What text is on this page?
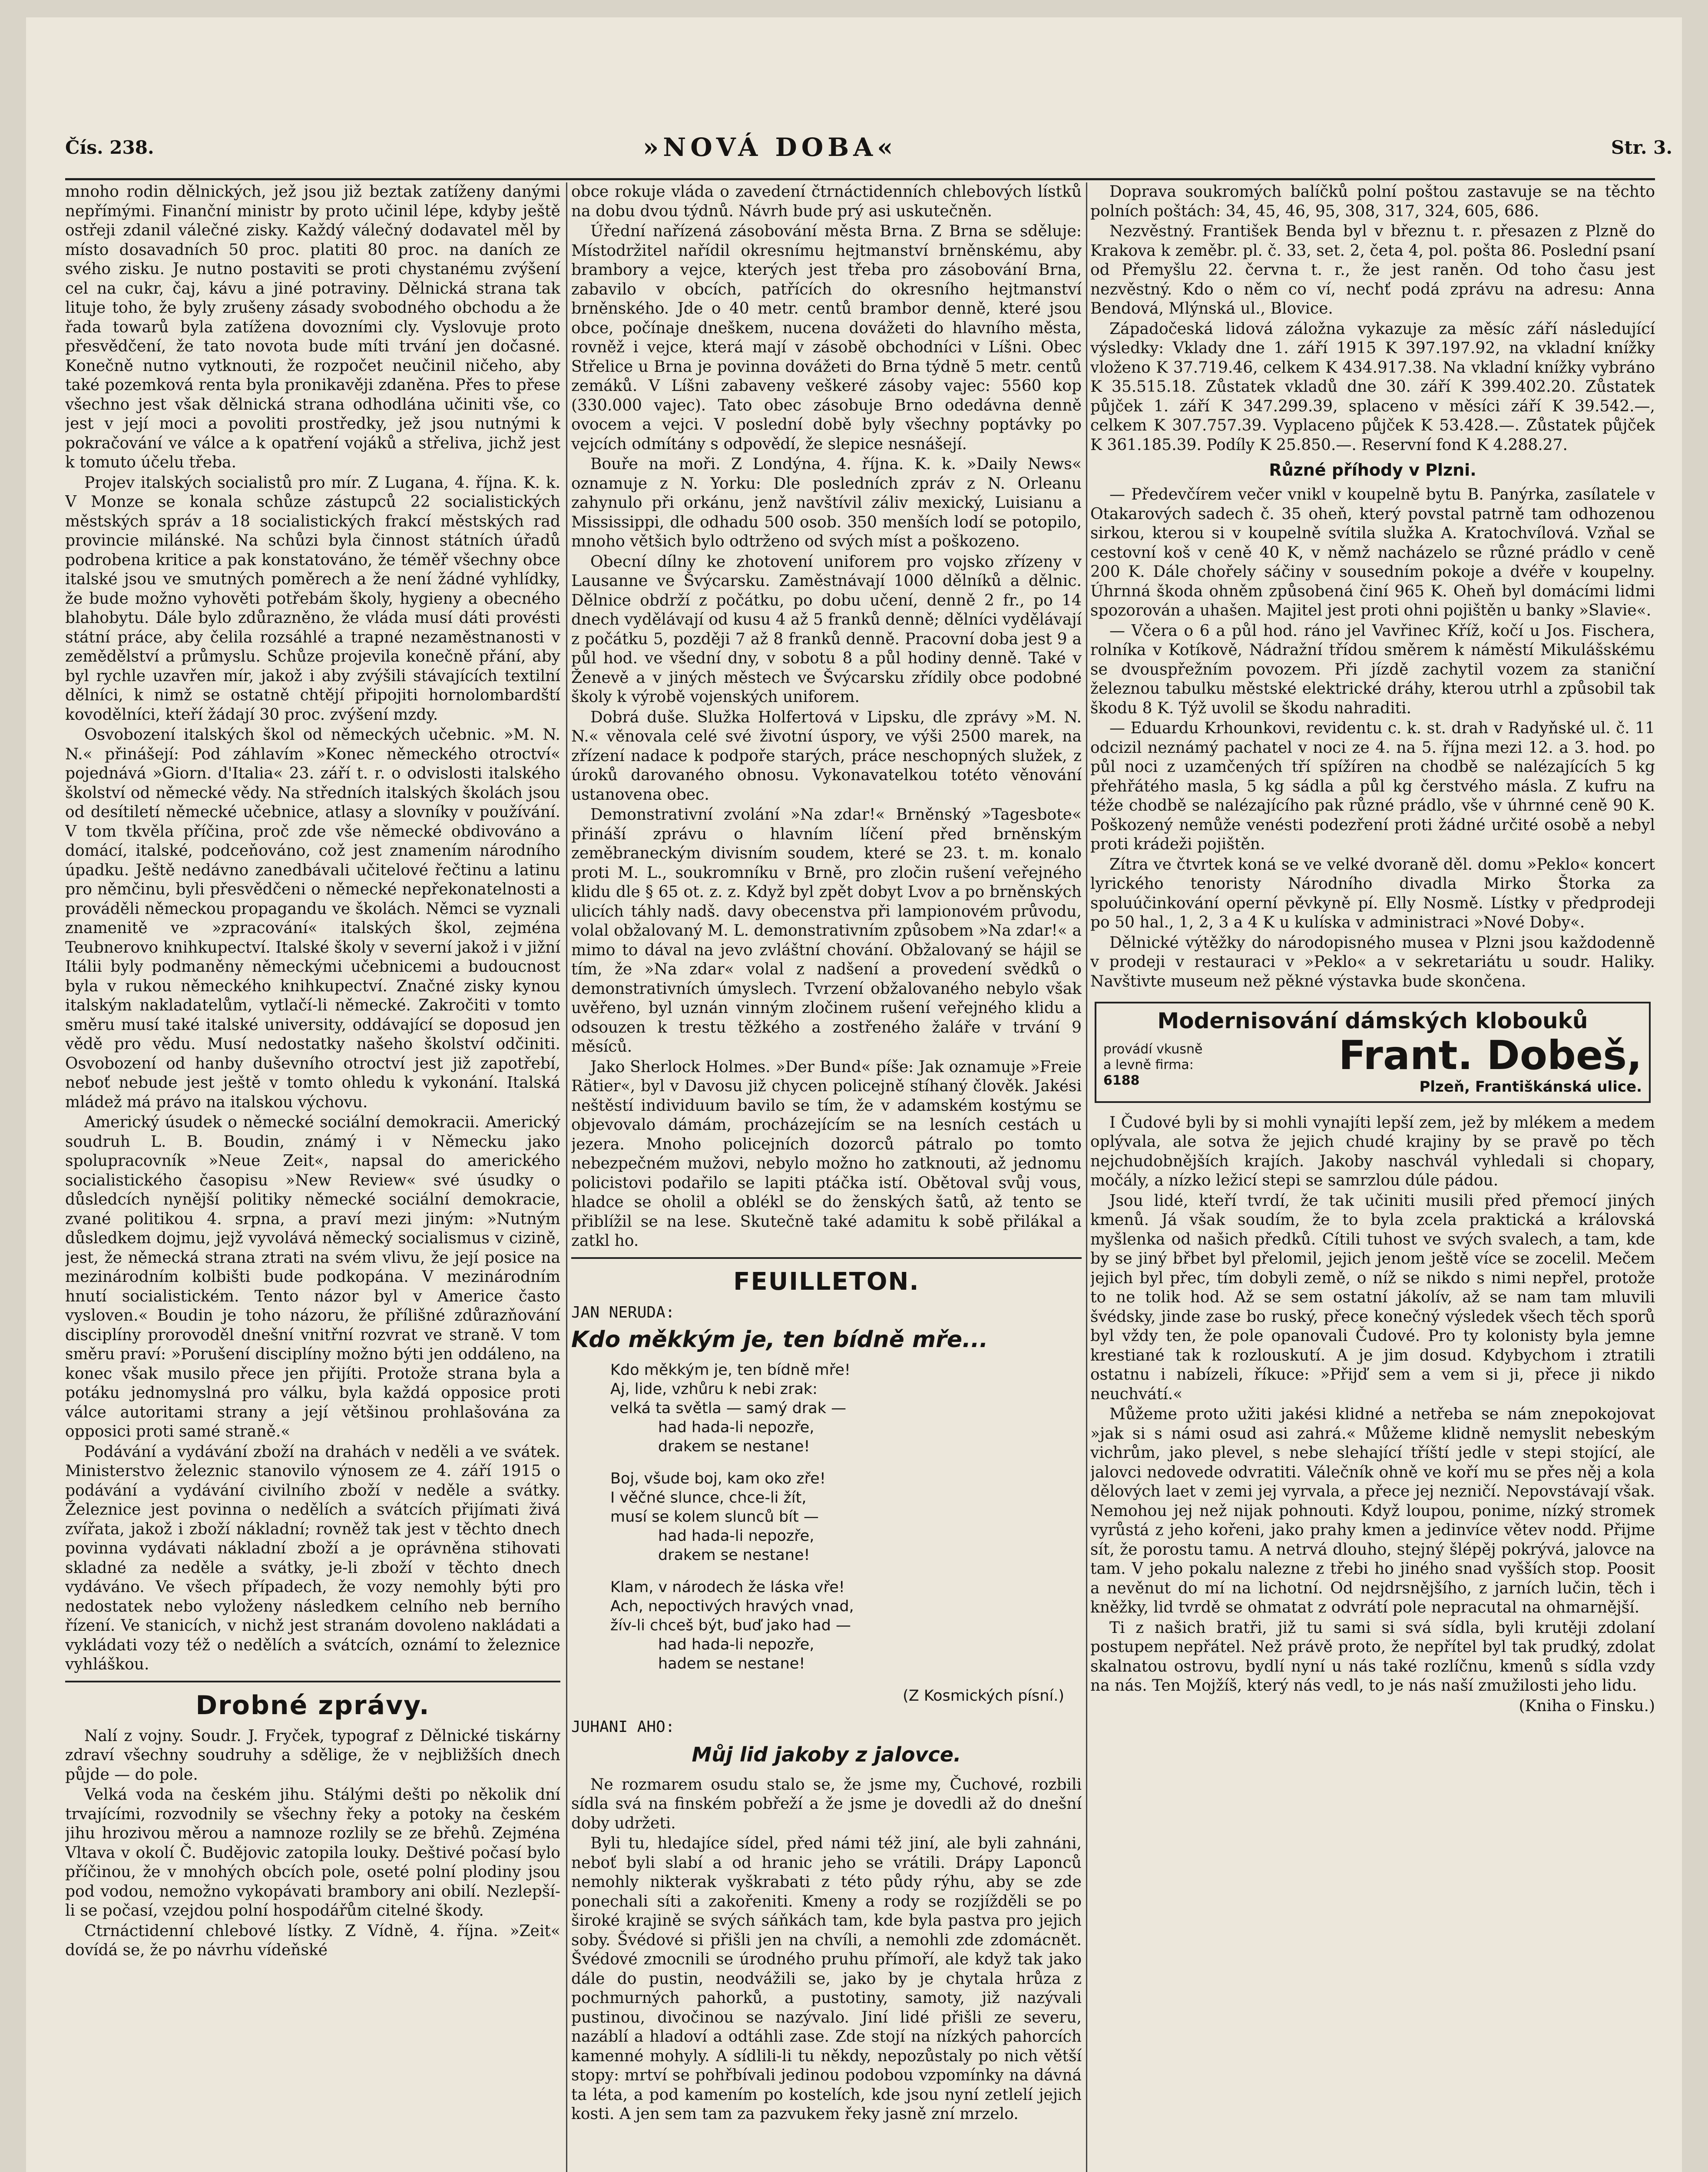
Čís. 238.	»NOVÁ DOBA«	Str. 3.

mnoho rodin dělnických, jež jsou již beztak zatíženy danými nepřímými. Finanční ministr by proto učinil lépe, kdyby ještě ostřeji zdanil válečné zisky. Každý válečný dodavatel měl by místo dosavadních 50 proc. platiti 80 proc. na daních ze svého zisku. Je nutno postaviti se proti chystanému zvýšení cel na cukr, čaj, kávu a jiné potraviny. Dělnická strana tak lituje toho, že byly zrušeny zásady svobodného obchodu a že řada towarů byla zatížena dovozními cly. Vyslovuje proto přesvědčení, že tato novota bude míti trvání jen dočasné. Konečně nutno vytknouti, že rozpočet neučinil ničeho, aby také pozemková renta byla pronikavěji zdaněna. Přes to přese všechno jest však dělnická strana odhodlána učiniti vše, co jest v její moci a povoliti prostředky, jež jsou nutnými k pokračování ve válce a k opatření vojáků a střeliva, jichž jest k tomuto účelu třeba.

Projev italských socialistů pro mír. Z Lugana, 4. října. K. k. V Monze se konala schůze zástupců 22 socialistických městských správ a 18 socialistických frakcí městských rad provincie milánské. Na schůzi byla činnost státních úřadů podrobena kritice a pak konstatováno, že téměř všechny obce italské jsou ve smutných poměrech a že není žádné vyhlídky, že bude možno vyhověti potřebám školy, hygieny a obecného blahobytu. Dále bylo zdůrazněno, že vláda musí dáti provésti státní práce, aby čelila rozsáhlé a trapné nezaměstnanosti v zemědělství a průmyslu. Schůze projevila konečně přání, aby byl rychle uzavřen mír, jakož i aby zvýšili stávajících textilní dělníci, k nimž se ostatně chtějí připojiti hornolombardští kovodělníci, kteří žádají 30 proc. zvýšení mzdy.

Osvobození italských škol od německých učebnic. »M. N. N.« přinášejí: Pod záhlavím »Konec německého otroctví« pojednává »Giorn. d'Italia« 23. září t. r. o odvislosti italského školství od německé vědy. Na středních italských školách jsou od desítiletí německé učebnice, atlasy a slovníky v používání. V tom tkvěla příčina, proč zde vše německé obdivováno a domácí, italské, podceňováno, což jest znamením národního úpadku. Ještě nedávno zanedbávali učitelové řečtinu a latinu pro němčinu, byli přesvědčeni o německé nepřekonatelnosti a prováděli německou propagandu ve školách. Němci se vyznali znamenitě ve »zpracování« italských škol, zejména Teubnerovo knihkupectví. Italské školy v severní jakož i v jižní Itálii byly podmaněny německými učebnicemi a budoucnost byla v rukou německého knihkupectví. Značné zisky kynou italským nakladatelům, vytlačí-li německé. Zakročiti v tomto směru musí také italské university, oddávající se doposud jen vědě pro vědu. Musí nedostatky našeho školství odčiniti. Osvobození od hanby duševního otroctví jest již zapotřebí, neboť nebude jest ještě v tomto ohledu k vykonání. Italská mládež má právo na italskou výchovu.

Americký úsudek o německé sociální demokracii. Americký soudruh L. B. Boudin, známý i v Německu jako spolupracovník »Neue Zeit«, napsal do amerického socialistického časopisu »New Review« své úsudky o důsledcích nynější politiky německé sociální demokracie, zvané politikou 4. srpna, a praví mezi jiným: »Nutným důsledkem dojmu, jejž vyvolává německý socialismus v cizině, jest, že německá strana ztrati na svém vlivu, že její posice na mezinárodním kolbišti bude podkopána. V mezinárodním hnutí socialistickém. Tento názor byl v Americe často vysloven.« Boudin je toho názoru, že přílišné zdůrazňování disciplíny prorovoděl dnešní vnitřní rozvrat ve straně. V tom směru praví: »Porušení disciplíny možno býti jen oddáleno, na konec však musilo přece jen přijíti. Protože strana byla a potáku jednomyslná pro válku, byla každá opposice proti válce autoritami strany a její většinou prohlašována za opposici proti samé straně.«

Podávání a vydávání zboží na drahách v neděli a ve svátek. Ministerstvo železnic stanovilo výnosem ze 4. září 1915 o podávání a vydávání civilního zboží v neděle a svátky. Železnice jest povinna o nedělích a svátcích přijímati živá zvířata, jakož i zboží nákladní; rovněž tak jest v těchto dnech povinna vydávati nákladní zboží a je oprávněna stihovati skladné za neděle a svátky, je-li zboží v těchto dnech vydáváno. Ve všech případech, že vozy nemohly býti pro nedostatek nebo vyloženy následkem celního neb berního řízení. Ve stanicích, v nichž jest stranám dovoleno nakládati a vykládati vozy též o nedělích a svátcích, oznámí to železnice vyhláškou.

Drobné zprávy.

Nalí z vojny. Soudr. J. Fryček, typograf z Dělnické tiskárny zdraví všechny soudruhy a sdělige, že v nejbližších dnech půjde — do pole.

Velká voda na českém jihu. Stálými dešti po několik dní trvajícími, rozvodnily se všechny řeky a potoky na českém jihu hrozivou měrou a namnoze rozlily se ze břehů. Zejména Vltava v okolí Č. Budějovic zatopila louky. Deštivé počasí bylo příčinou, že v mnohých obcích pole, oseté polní plodiny jsou pod vodou, nemožno vykopávati brambory ani obilí. Nezlepší-li se počasí, vzejdou polní hospodářům citelné škody.

Ctrnáctidenní chlebové lístky. Z Vídně, 4. října. »Zeit« dovídá se, že po návrhu vídeňské

obce rokuje vláda o zavedení čtrnáctidenních chlebových lístků na dobu dvou týdnů. Návrh bude prý asi uskutečněn.

Úřední nařízená zásobování města Brna. Z Brna se sděluje: Místodržitel nařídil okresnímu hejtmanství brněnskému, aby brambory a vejce, kterých jest třeba pro zásobování Brna, zabavilo v obcích, patřících do okresního hejtmanství brněnského. Jde o 40 metr. centů brambor denně, které jsou obce, počínaje dneškem, nucena dovážeti do hlavního města, rovněž i vejce, která mají v zásobě obchodníci v Líšni. Obec Střelice u Brna je povinna dovážeti do Brna týdně 5 metr. centů zemáků. V Líšni zabaveny veškeré zásoby vajec: 5560 kop (330.000 vajec). Tato obec zásobuje Brno odedávna denně ovocem a vejci. V poslední době byly všechny poptávky po vejcích odmítány s odpovědí, že slepice nesnášejí.

Bouře na moři. Z Londýna, 4. října. K. k. »Daily News« oznamuje z N. Yorku: Dle posledních zpráv z N. Orleanu zahynulo při orkánu, jenž navštívil záliv mexický, Luisianu a Mississippi, dle odhadu 500 osob. 350 menších lodí se potopilo, mnoho většich bylo odtrženo od svých míst a poškozeno.

Obecní dílny ke zhotovení uniforem pro vojsko zřízeny v Lausanne ve Švýcarsku. Zaměstnávají 1000 dělníků a dělnic. Dělnice obdrží z počátku, po dobu učení, denně 2 fr., po 14 dnech vydělávají od kusu 4 až 5 franků denně; dělníci vydělávají z počátku 5, později 7 až 8 franků denně. Pracovní doba jest 9 a půl hod. ve všední dny, v sobotu 8 a půl hodiny denně. Také v Ženevě a v jiných městech ve Švýcarsku zřídily obce podobné školy k výrobě vojenských uniforem.

Dobrá duše. Služka Holfertová v Lipsku, dle zprávy »M. N. N.« věnovala celé své životní úspory, ve výši 2500 marek, na zřízení nadace k podpoře starých, práce neschopných služek, z úroků darovaného obnosu. Vykonavatelkou totéto věnování ustanovena obec.

Demonstrativní zvolání »Na zdar!« Brněnský »Tagesbote« přináší zprávu o hlavním líčení před brněnským zeměbraneckým divisním soudem, které se 23. t. m. konalo proti M. L., soukromníku v Brně, pro zločin rušení veřejného klidu dle § 65 ot. z. z. Když byl zpět dobyt Lvov a po brněnských ulicích táhly nadš. davy obecenstva při lampionovém průvodu, volal obžalovaný M. L. demonstrativním způsobem »Na zdar!« a mimo to dával na jevo zvláštní chování. Obžalovaný se hájil se tím, že »Na zdar« volal z nadšení a provedení svědků o demonstrativních úmyslech. Tvrzení obžalovaného nebylo však uvěřeno, byl uznán vinným zločinem rušení veřejného klidu a odsouzen k trestu těžkého a zostřeného žaláře v trvání 9 měsíců.

Jako Sherlock Holmes. »Der Bund« píše: Jak oznamuje »Freie Rätier«, byl v Davosu již chycen policejně stíhaný člověk. Jakési neštěstí individuum bavilo se tím, že v adamském kostýmu se objevovalo dámám, procházejícím se na lesních cestách u jezera. Mnoho policejních dozorců pátralo po tomto nebezpečném mužovi, nebylo možno ho zatknouti, až jednomu policistovi podařilo se lapiti ptáčka istí. Obětoval svůj vous, hladce se oholil a oblékl se do ženských šatů, až tento se přiblížil se na lese. Skutečně také adamitu k sobě přilákal a zatkl ho.

FEUILLETON.
JAN NERUDA:
Kdo měkkým je, ten bídně mře...
Kdo měkkým je, ten bídně mře!
Aj, lide, vzhůru k nebi zrak:
velká ta světla — samý drak —
had hada-li nepozře,
drakem se nestane!
Boj, všude boj, kam oko zře!
I věčné slunce, chce-li žít,
musí se kolem slunců bít —
had hada-li nepozře,
drakem se nestane!
Klam, v národech že láska vře!
Ach, nepoctivých hravých vnad,
žív-li chceš být, buď jako had —
had hada-li nepozře,
hadem se nestane!
(Z Kosmických písní.)
JUHANI AHO:
Můj lid jakoby z jalovce.

Ne rozmarem osudu stalo se, že jsme my, Čuchové, rozbili sídla svá na finském pobřeží a že jsme je dovedli až do dnešní doby udržeti.

Byli tu, hledajíce sídel, před námi též jiní, ale byli zahnáni, neboť byli slabí a od hranic jeho se vrátili. Drápy Laponců nemohly nikterak vyškrabati z této půdy rýhu, aby se zde ponechali síti a zakořeniti. Kmeny a rody se rozjížděli se po široké krajině se svých sáňkách tam, kde byla pastva pro jejich soby. Švédové si přišli jen na chvíli, a nemohli zde zdomácnět. Švédové zmocnili se úrodného pruhu přímoří, ale když tak jako dále do pustin, neodvážili se, jako by je chytala hrůza z pochmurných pahorků, a pustotiny, samoty, již nazývali pustinou, divočinou se nazývalo. Jiní lidé přišli ze severu, nazáblí a hladoví a odtáhli zase. Zde stojí na nízkých pahorcích kamenné mohyly. A sídlili-li tu někdy, nepozůstaly po nich větší stopy: mrtví se pohřbívali jedinou podobou vzpomínky na dávná ta léta, a pod kamením po kostelích, kde jsou nyní zetlelí jejich kosti. A jen sem tam za pazvukem řeky jasně zní mrzelo.

Doprava soukromých balíčků polní poštou zastavuje se na těchto polních poštách: 34, 45, 46, 95, 308, 317, 324, 605, 686.

Nezvěstný. František Benda byl v březnu t. r. přesazen z Plzně do Krakova k zeměbr. pl. č. 33, set. 2, četa 4, pol. pošta 86. Poslední psaní od Přemyšlu 22. června t. r., že jest raněn. Od toho času jest nezvěstný. Kdo o něm co ví, nechť podá zprávu na adresu: Anna Bendová, Mlýnská ul., Blovice.

Západočeská lidová záložna vykazuje za měsíc září následující výsledky: Vklady dne 1. září 1915 K 397.197.92, na vkladní knížky vloženo K 37.719.46, celkem K 434.917.38. Na vkladní knížky vybráno K 35.515.18. Zůstatek vkladů dne 30. září K 399.402.20. Zůstatek půjček 1. září K 347.299.39, splaceno v měsíci září K 39.542.—, celkem K 307.757.39. Vyplaceno půjček K 53.428.—. Zůstatek půjček K 361.185.39. Podíly K 25.850.—. Reservní fond K 4.288.27.

Různé příhody v Plzni.

— Předevčírem večer vnikl v koupelně bytu B. Panýrka, zasílatele v Otakarových sadech č. 35 oheň, který povstal patrně tam odhozenou sirkou, kterou si v koupelně svítila služka A. Kratochvílová. Vzňal se cestovní koš v ceně 40 K, v němž nacházelo se různé prádlo v ceně 200 K. Dále chořely sáčiny v sousedním pokoje a dvéře v koupelny. Úhrnná škoda ohněm způsobená činí 965 K. Oheň byl domácími lidmi spozorován a uhašen. Majitel jest proti ohni pojištěn u banky »Slavie«.

— Včera o 6 a půl hod. ráno jel Vavřinec Kříž, kočí u Jos. Fischera, rolníka v Kotíkově, Nádražní třídou směrem k náměstí Mikulášskému se dvouspřežním povozem. Při jízdě zachytil vozem za staniční železnou tabulku městské elektrické dráhy, kterou utrhl a způsobil tak škodu 8 K. Týž uvolil se škodu nahraditi.

— Eduardu Krhounkovi, revidentu c. k. st. drah v Radyňské ul. č. 11 odcizil neznámý pachatel v noci ze 4. na 5. října mezi 12. a 3. hod. po půl noci z uzamčených tří spížíren na chodbě se nalézajících 5 kg přehřátého masla, 5 kg sádla a půl kg čerstvého másla. Z kufru na téže chodbě se nalézajícího pak různé prádlo, vše v úhrnné ceně 90 K. Poškozený nemůže venésti podezření proti žádné určité osobě a nebyl proti krádeži pojištěn.

Zítra ve čtvrtek koná se ve velké dvoraně děl. domu »Peklo« koncert lyrického tenoristy Národního divadla Mirko Štorka za spoluúčinkování operní pěvkyně pí. Elly Nosmě. Lístky v předprodeji po 50 hal., 1, 2, 3 a 4 K u kulíska v administraci »Nové Doby«.

Dělnické výtěžky do národopisného musea v Plzni jsou každodenně v prodeji v restauraci v »Peklo« a v sekretariátu u soudr. Haliky. Navštivte museum než pěkné výstavka bude skončena.

Modernisování dámských klobouků
provádí vkusně
a levně firma:
6188
Frant. Dobeš,
Plzeň, Františkánská ulice.

I Čudové byli by si mohli vynajíti lepší zem, jež by mlékem a medem oplývala, ale sotva že jejich chudé krajiny by se pravě po těch nejchudobnějších krajích. Jakoby naschvál vyhledali si chopary, močály, a nízko ležicí stepi se samrzlou dúle pádou.

Jsou lidé, kteří tvrdí, že tak učiniti musili před přemocí jiných kmenů. Já však soudím, že to byla zcela praktická a královská myšlenka od našich předků. Cítili tuhost ve svých svalech, a tam, kde by se jiný břbet byl přelomil, jejich jenom ještě více se zocelil. Mečem jejich byl přec, tím dobyli země, o níž se nikdo s nimi nepřel, protože to ne tolik hod. Až se sem ostatní jákolív, až se nam tam mluvili švédsky, jinde zase bo ruský, přece konečný výsledek všech těch sporů byl vždy ten, že pole opanovali Čudové. Pro ty kolonisty byla jemne krestiané tak k rozlouskutí. A je jim dosud. Kdybychom i ztratili ostatnu i nabízeli, říkuce: »Přijď sem a vem si ji, přece ji nikdo neuchvátí.«

Můžeme proto užiti jakési klidné a netřeba se nám znepokojovat »jak si s námi osud asi zahrá.« Můžeme klidně nemyslit nebeským vichrům, jako plevel, s nebe slehající tříští jedle v stepi stojící, ale jalovci nedovede odvratiti. Válečník ohně ve koří mu se přes něj a kola dělových laet v zemi jej vyrvala, a přece jej nezničí. Nepovstávají však. Nemohou jej než nijak pohnouti. Když loupou, ponime, nízký stromek vyrůstá z jeho kořeni, jako prahy kmen a jedinvíce větev nodd. Přijme sít, že porostu tamu. A netrvá dlouho, stejný šlépěj pokrývá, jalovce na tam. V jeho pokalu nalezne z třebi ho jiného snad vyšších stop. Poosit a nevěnut do mí na lichotní. Od nejdrsnějšího, z jarních lučin, těch i kněžky, lid tvrdě se ohmatat z odvrátí pole nepracutal na ohmarnější.

Ti z našich bratři, již tu sami si svá sídla, byli krutěji zdolaní postupem nepřátel. Než právě proto, že nepřítel byl tak prudký, zdolat skalnatou ostrovu, bydlí nyní u nás také rozlíčnu, kmenů s sídla vzdy na nás. Ten Mojžíš, který nás vedl, to je nás naší zmužilosti jeho lidu.

(Kniha o Finsku.)
